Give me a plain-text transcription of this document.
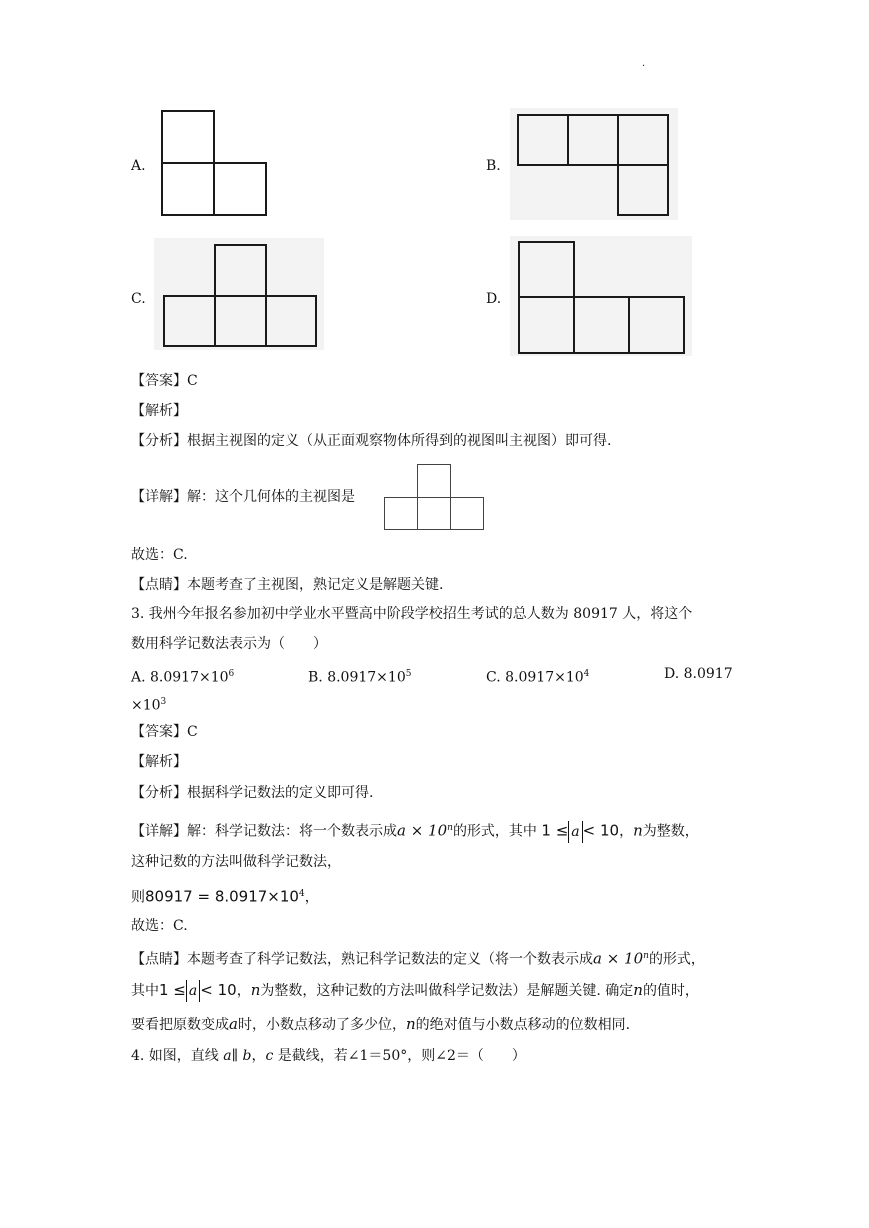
.
A.	B.
C.	D.
【答案】C
【解析】
【分析】根据主视图的定义（从正面观察物体所得到的视图叫主视图）即可得.
【详解】解：这个几何体的主视图是
故选：C.
【点睛】本题考查了主视图，熟记定义是解题关键.
3. 我州今年报名参加初中学业水平暨高中阶段学校招生考试的总人数为 80917 人，将这个
数用科学记数法表示为（　　）
A. $8.0917\times 10^6$	B. $8.0917\times 10^5$	C. $8.0917\times 10^4$	D. 8.0917
$\times 10^3$
【答案】C
【解析】
【分析】根据科学记数法的定义即可得.
【详解】解：科学记数法：将一个数表示成$a \times 10^n$的形式，其中 1 ≤ a < 10，n为整数，
这种记数的方法叫做科学记数法，
则$80917 = 8.0917\times 10^4$，
故选：C.
【点睛】本题考查了科学记数法，熟记科学记数法的定义（将一个数表示成$a \times 10^n$的形式，
其中1 ≤ a < 10，n为整数，这种记数的方法叫做科学记数法）是解题关键. 确定n的值时，
要看把原数变成a时，小数点移动了多少位，n的绝对值与小数点移动的位数相同.
4. 如图，直线 a∥ b，c 是截线，若∠1＝50°，则∠2＝（　　）
